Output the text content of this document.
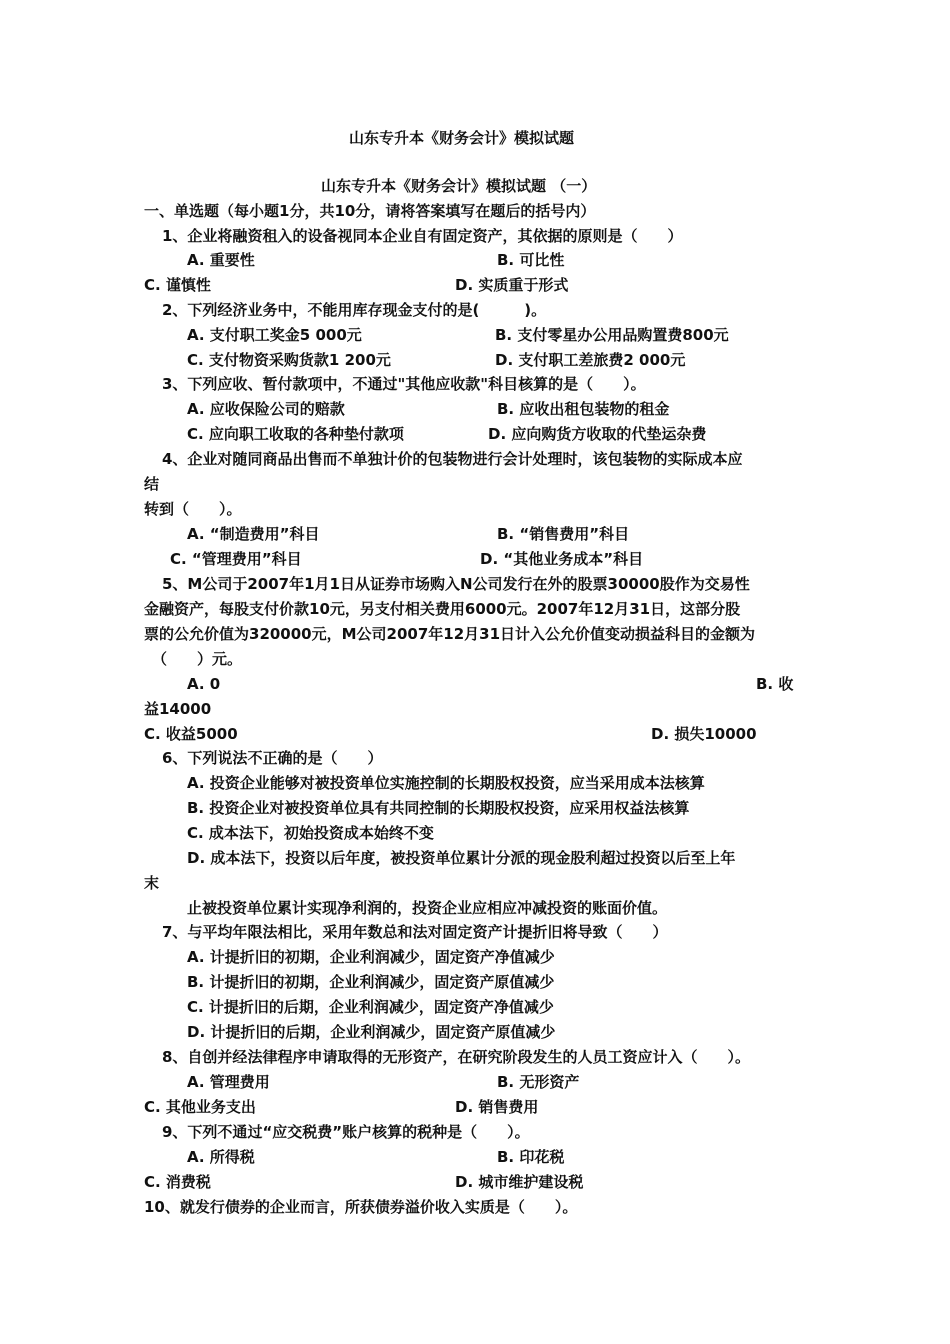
山东专升本《财务会计》模拟试题
山东专升本《财务会计》模拟试题 （一）
一、单选题（每小题1分，共10分，请将答案填写在题后的括号内）
1、企业将融资租入的设备视同本企业自有固定资产，其依据的原则是（　　）
A. 重要性	B. 可比性
C. 谨慎性	D. 实质重于形式
2、下列经济业务中，不能用库存现金支付的是(　　　)。
A. 支付职工奖金5 000元	B. 支付零星办公用品购置费800元
C. 支付物资采购货款1 200元	D. 支付职工差旅费2 000元
3、下列应收、暂付款项中，不通过"其他应收款"科目核算的是（　　）。
A. 应收保险公司的赔款	B. 应收出租包装物的租金
C. 应向职工收取的各种垫付款项	D. 应向购货方收取的代垫运杂费
4、企业对随同商品出售而不单独计价的包装物进行会计处理时，该包装物的实际成本应
结
转到（　　）。
A. “制造费用”科目	B. “销售费用”科目
C. “管理费用”科目	D. “其他业务成本”科目
5、M公司于2007年1月1日从证券市场购入N公司发行在外的股票30000股作为交易性
金融资产，每股支付价款10元，另支付相关费用6000元。2007年12月31日，这部分股
票的公允价值为320000元，M公司2007年12月31日计入公允价值变动损益科目的金额为
（　　）元。
A. 0	B. 收
益14000
C. 收益5000	D. 损失10000
6、下列说法不正确的是（　　）
A. 投资企业能够对被投资单位实施控制的长期股权投资，应当采用成本法核算
B. 投资企业对被投资单位具有共同控制的长期股权投资，应采用权益法核算
C. 成本法下，初始投资成本始终不变
D. 成本法下，投资以后年度，被投资单位累计分派的现金股利超过投资以后至上年
末
止被投资单位累计实现净利润的，投资企业应相应冲减投资的账面价值。
7、与平均年限法相比，采用年数总和法对固定资产计提折旧将导致（　　）
A. 计提折旧的初期，企业利润减少，固定资产净值减少
B. 计提折旧的初期，企业利润减少，固定资产原值减少
C. 计提折旧的后期，企业利润减少，固定资产净值减少
D. 计提折旧的后期，企业利润减少，固定资产原值减少
8、自创并经法律程序申请取得的无形资产，在研究阶段发生的人员工资应计入（　　）。
A. 管理费用	B. 无形资产
C. 其他业务支出	D. 销售费用
9、下列不通过“应交税费”账户核算的税种是（　　）。
A. 所得税	B. 印花税
C. 消费税	D. 城市维护建设税
10、就发行债券的企业而言，所获债券溢价收入实质是（　　）。
